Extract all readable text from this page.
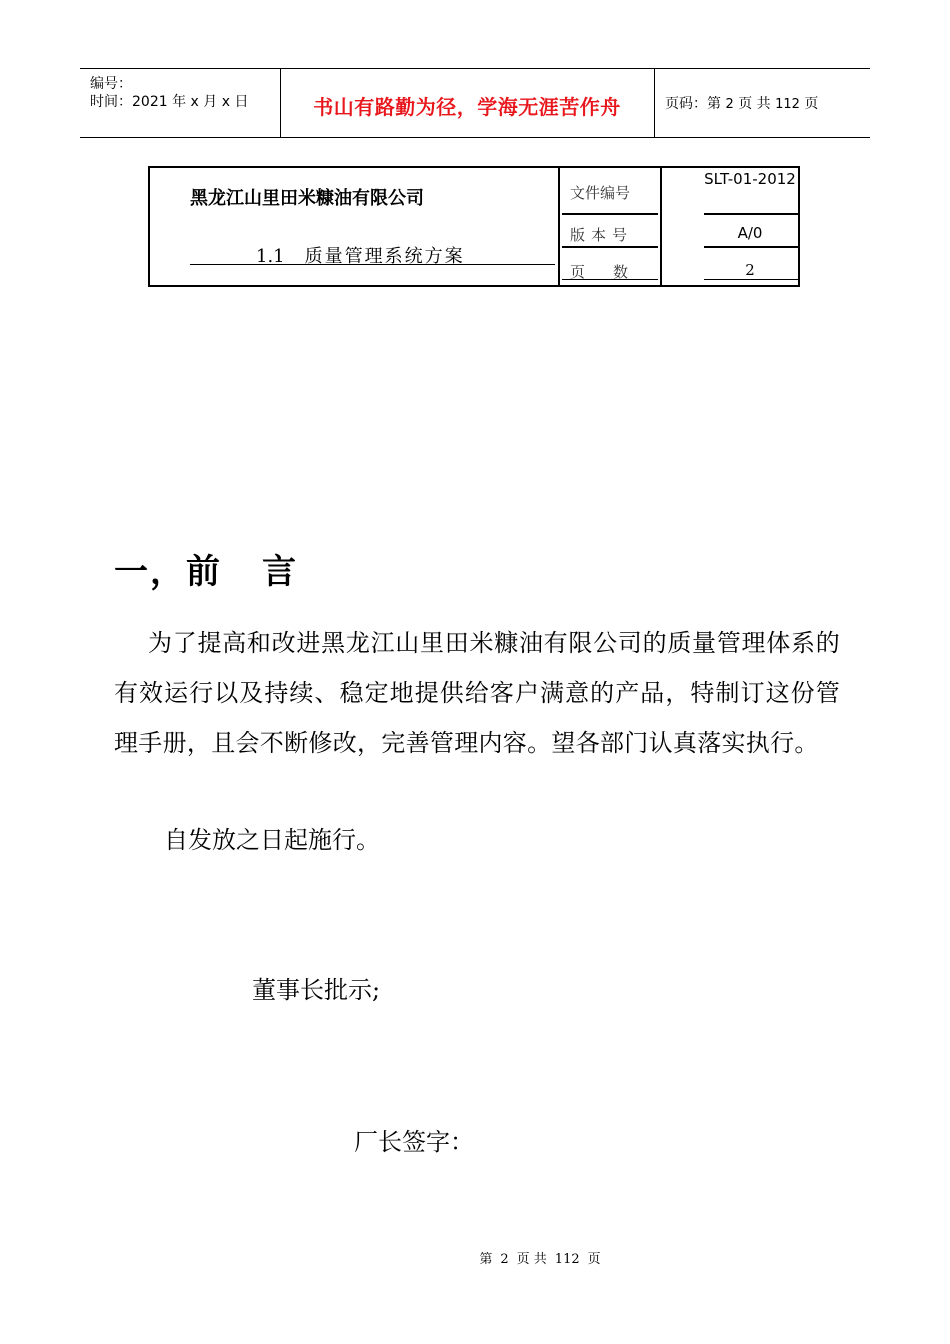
编号：
时间：2021 年 x 月 x 日	书山有路勤为径，学海无涯苦作舟	页码：第 2 页 共 112 页
黑龙江山里田米糠油有限公司
1.1 质量管理系统方案
文件编号
版本号
页数
SLT-01-2012
A/0
2
一，前 言
为了提高和改进黑龙江山里田米糠油有限公司的质量管理体系的有效运行以及持续、稳定地提供给客户满意的产品，特制订这份管理手册，且会不断修改，完善管理内容。望各部门认真落实执行。
自发放之日起施行。
董事长批示;
厂长签字：
第 2 页 共 112 页
